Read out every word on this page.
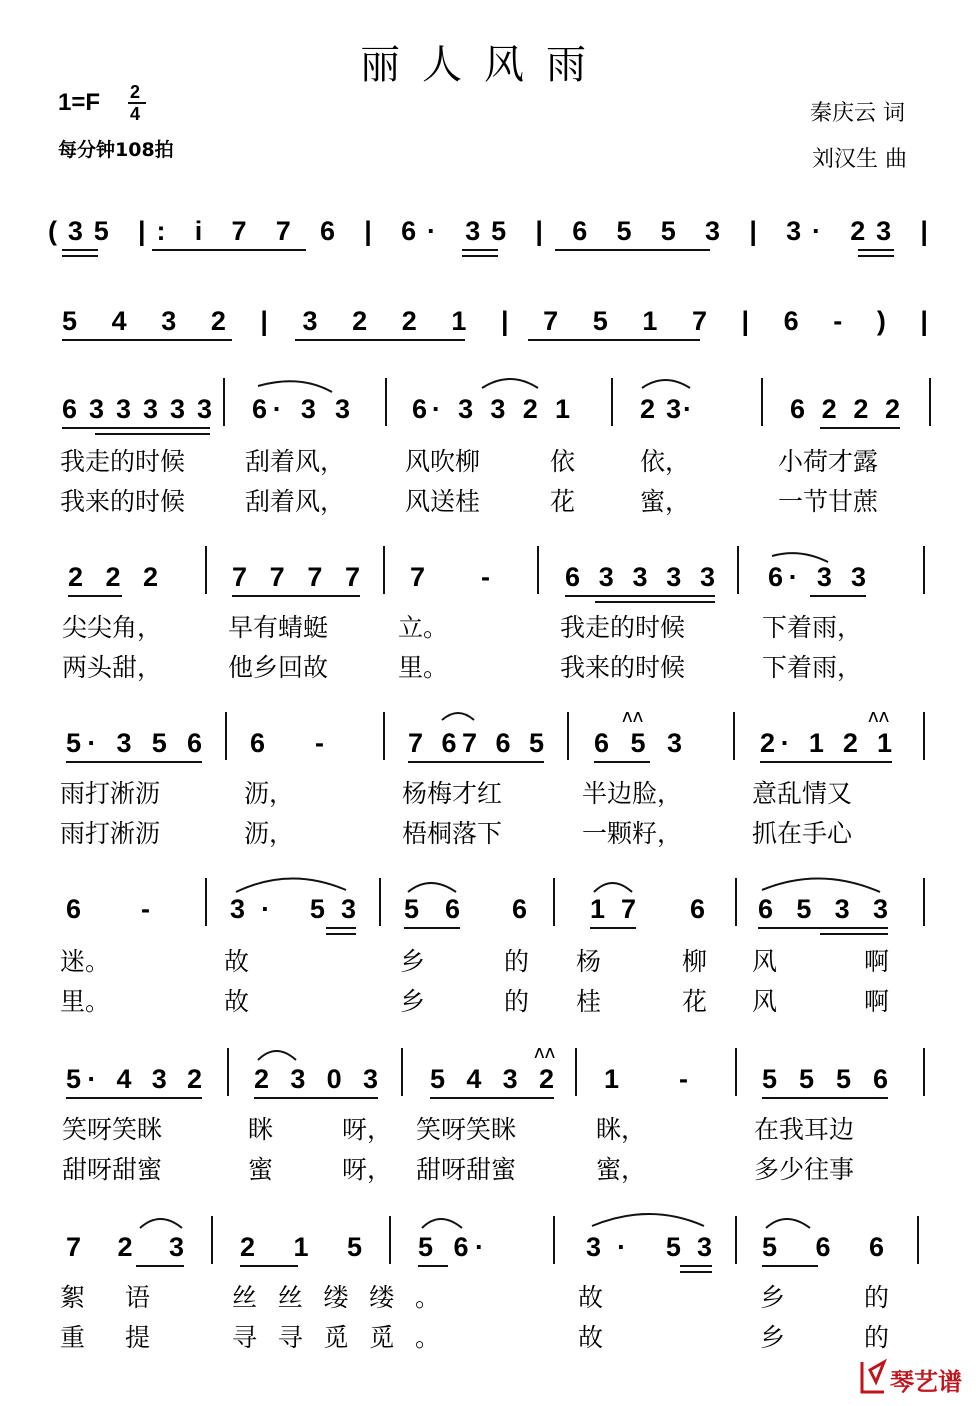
丽人风雨
1=F 2
4
每分钟108拍
秦庆云 词
刘汉生 曲
(35 |: i 7 7 6 | 6· 35 | 6 5 5 3 | 3· 23 |
5 4 3 2 | 3 2 2 1 | 7 5 1 7 | 6 - ) |
6 3 3 3 3 3 6· 3 3 6· 3 3 2 1	2 3·	6 2 2 2
我走的时候 刮着风， 风吹柳	依	依，	小荷才露
我来的时候 刮着风， 风送桂	花	蜜，	一节甘蔗
2 2 2	7 7 7 7 7 -	6 3 3 3 3 6· 3 3
尖尖角，	早有蜻蜓	立。	我走的时候	下着雨，
两头甜，	他乡回故	里。	我来的时候	下着雨，
5· 3 5 6 6 -	7 67 6 5 6 5 3	2· 1 2 1
ʌʌ	ʌʌ
雨打淅沥	沥，	杨梅才红	半边脸，	意乱情又
雨打淅沥	沥，	梧桐落下	一颗籽，	抓在手心
6 -	3· 53 5 6 6 1 7 6 6 5 3 3
迷。	故	乡	的 杨	柳 风	啊
里。	故	乡	的 桂	花 风	啊
5· 4 3 2 2 3 0 3 5 4 3 2 1 -	5 5 5 6
ʌʌ
笑呀笑眯	眯	呀， 笑呀笑眯	眯，	在我耳边
甜呀甜蜜	蜜	呀， 甜呀甜蜜	蜜，	多少往事
7 2 3 2 1 5 5 6·	3· 53 5 6 6
絮语	丝丝缕缕。	故	乡	的
重提	寻寻觅觅。	故	乡	的
琴艺谱
